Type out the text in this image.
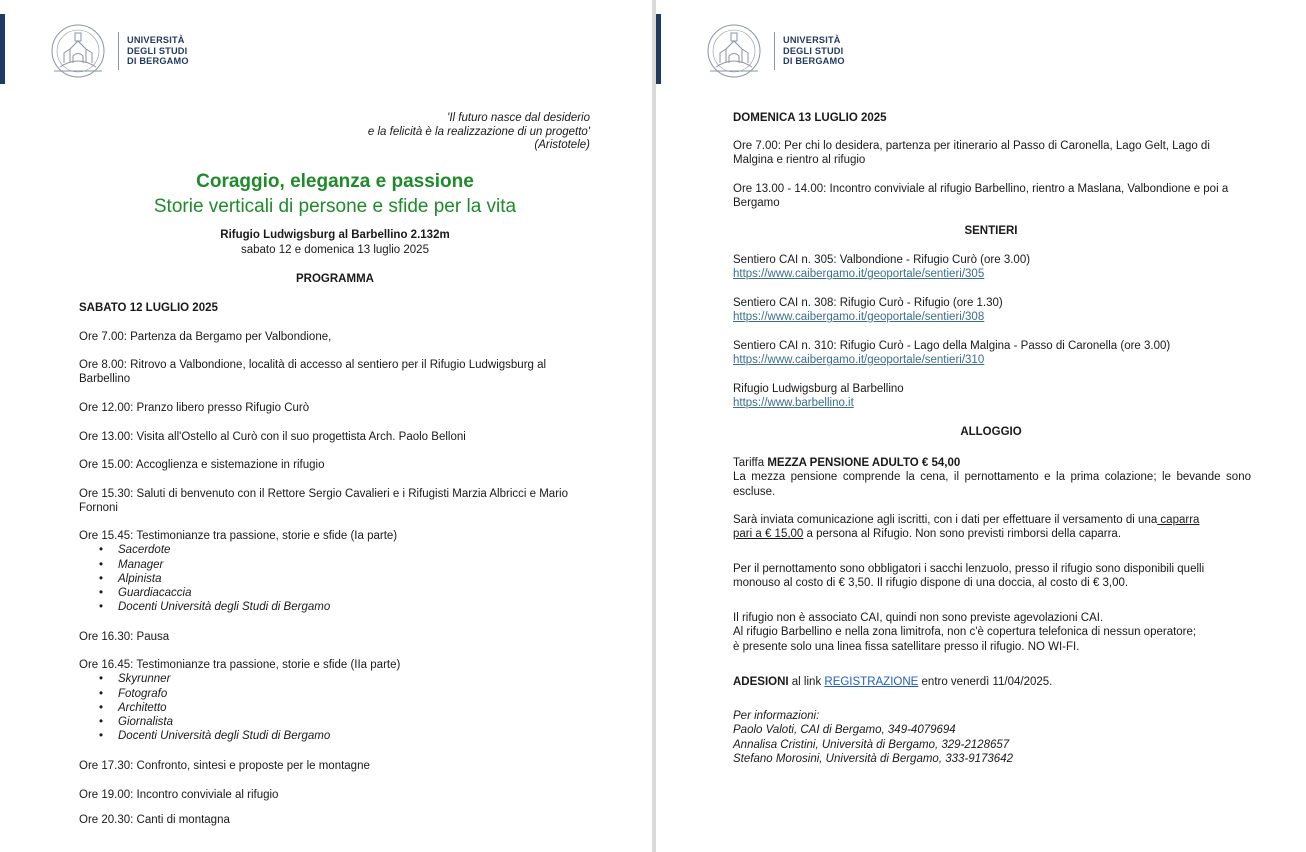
UNIVERSITÀ
DEGLI STUDI
DI BERGAMO
'Il futuro nasce dal desiderio
e la felicità è la realizzazione di un progetto'
(Aristotele)
Coraggio, eleganza e passione
Storie verticali di persone e sfide per la vita
Rifugio Ludwigsburg al Barbellino 2.132m
sabato 12 e domenica 13 luglio 2025
PROGRAMMA
SABATO 12 LUGLIO 2025
Ore 7.00: Partenza da Bergamo per Valbondione,
Ore 8.00: Ritrovo a Valbondione, località di accesso al sentiero per il Rifugio Ludwigsburg al Barbellino
Ore 12.00: Pranzo libero presso Rifugio Curò
Ore 13.00: Visita all'Ostello al Curò con il suo progettista Arch. Paolo Belloni
Ore 15.00: Accoglienza e sistemazione in rifugio
Ore 15.30: Saluti di benvenuto con il Rettore Sergio Cavalieri e i Rifugisti Marzia Albricci e Mario Fornoni
Ore 15.45: Testimonianze tra passione, storie e sfide (Ia parte)
• Sacerdote
• Manager
• Alpinista
• Guardiacaccia
• Docenti Università degli Studi di Bergamo
Ore 16.30: Pausa
Ore 16.45: Testimonianze tra passione, storie e sfide (IIa parte)
• Skyrunner
• Fotografo
• Architetto
• Giornalista
• Docenti Università degli Studi di Bergamo
Ore 17.30: Confronto, sintesi e proposte per le montagne
Ore 19.00: Incontro conviviale al rifugio
Ore 20.30: Canti di montagna
UNIVERSITÀ
DEGLI STUDI
DI BERGAMO
DOMENICA 13 LUGLIO 2025
Ore 7.00: Per chi lo desidera, partenza per itinerario al Passo di Caronella, Lago Gelt, Lago di Malgina e rientro al rifugio
Ore 13.00 - 14.00: Incontro conviviale al rifugio Barbellino, rientro a Maslana, Valbondione e poi a Bergamo
SENTIERI
Sentiero CAI n. 305: Valbondione - Rifugio Curò (ore 3.00)
https://www.caibergamo.it/geoportale/sentieri/305
Sentiero CAI n. 308: Rifugio Curò - Rifugio (ore 1.30)
https://www.caibergamo.it/geoportale/sentieri/308
Sentiero CAI n. 310: Rifugio Curò - Lago della Malgina - Passo di Caronella (ore 3.00)
https://www.caibergamo.it/geoportale/sentieri/310
Rifugio Ludwigsburg al Barbellino
https://www.barbellino.it
ALLOGGIO
Tariffa MEZZA PENSIONE ADULTO € 54,00
La mezza pensione comprende la cena, il pernottamento e la prima colazione; le bevande sono escluse.
Sarà inviata comunicazione agli iscritti, con i dati per effettuare il versamento di una caparra
pari a € 15,00 a persona al Rifugio. Non sono previsti rimborsi della caparra.
Per il pernottamento sono obbligatori i sacchi lenzuolo, presso il rifugio sono disponibili quelli monouso al costo di € 3,50. Il rifugio dispone di una doccia, al costo di € 3,00.
Il rifugio non è associato CAI, quindi non sono previste agevolazioni CAI.
Al rifugio Barbellino e nella zona limitrofa, non c'è copertura telefonica di nessun operatore;
è presente solo una linea fissa satellitare presso il rifugio. NO WI-FI.
ADESIONI al link REGISTRAZIONE entro venerdì 11/04/2025.
Per informazioni:
Paolo Valoti, CAI di Bergamo, 349-4079694
Annalisa Cristini, Università di Bergamo, 329-2128657
Stefano Morosini, Università di Bergamo, 333-9173642
